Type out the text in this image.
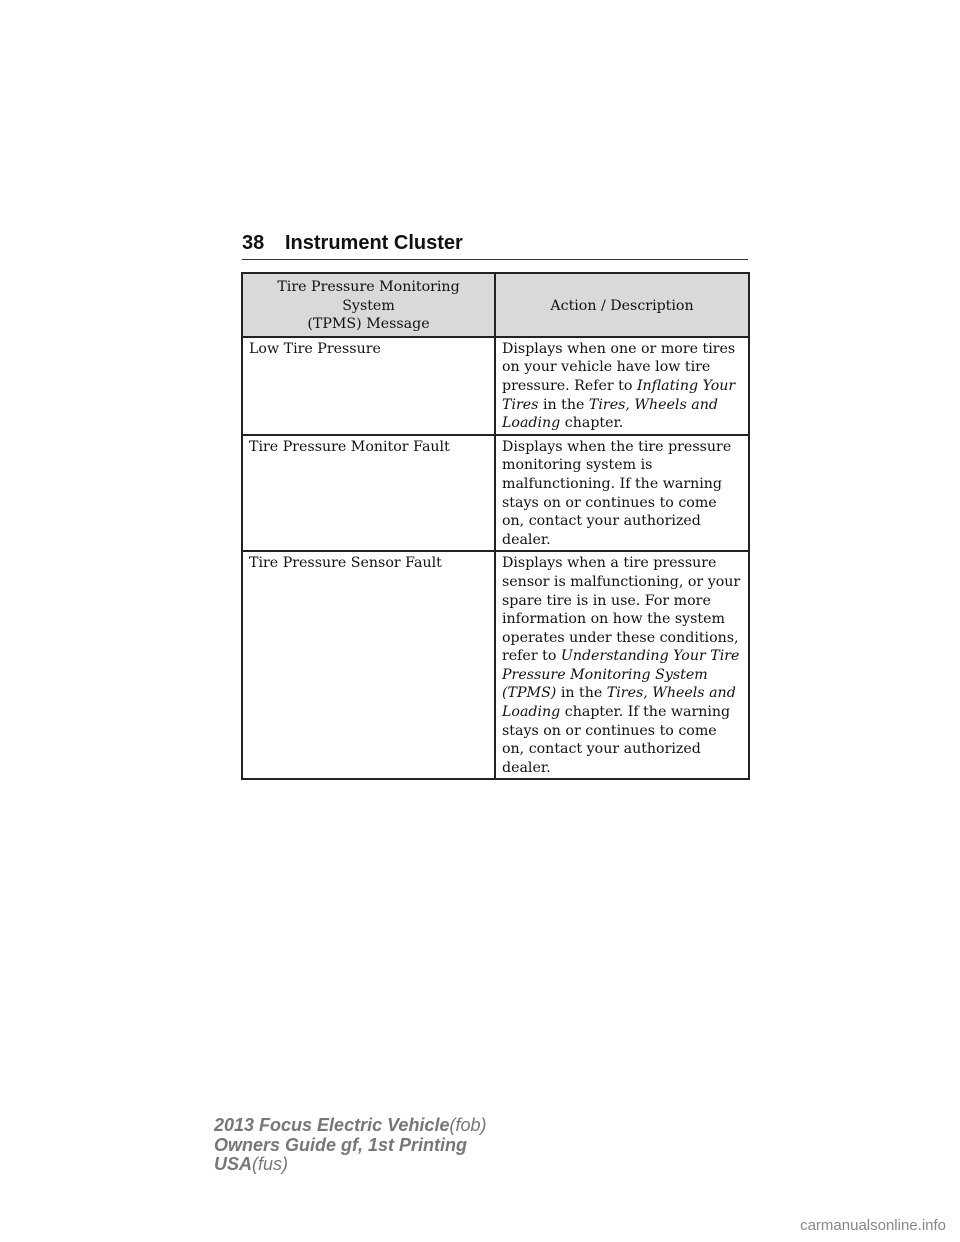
38 Instrument Cluster
Tire Pressure Monitoring System
(TPMS) Message	Action / Description
Low Tire Pressure	Displays when one or more tires on your vehicle have low tire pressure. Refer to Inflating Your Tires in the Tires, Wheels and Loading chapter.
Tire Pressure Monitor Fault	Displays when the tire pressure monitoring system is malfunctioning. If the warning stays on or continues to come on, contact your authorized dealer.
Tire Pressure Sensor Fault	Displays when a tire pressure sensor is malfunctioning, or your spare tire is in use. For more information on how the system operates under these conditions, refer to Understanding Your Tire Pressure Monitoring System (TPMS) in the Tires, Wheels and Loading chapter. If the warning stays on or continues to come on, contact your authorized dealer.
2013 Focus Electric Vehicle(fob)
Owners Guide gf, 1st Printing
USA(fus)
carmanualsonline.info
